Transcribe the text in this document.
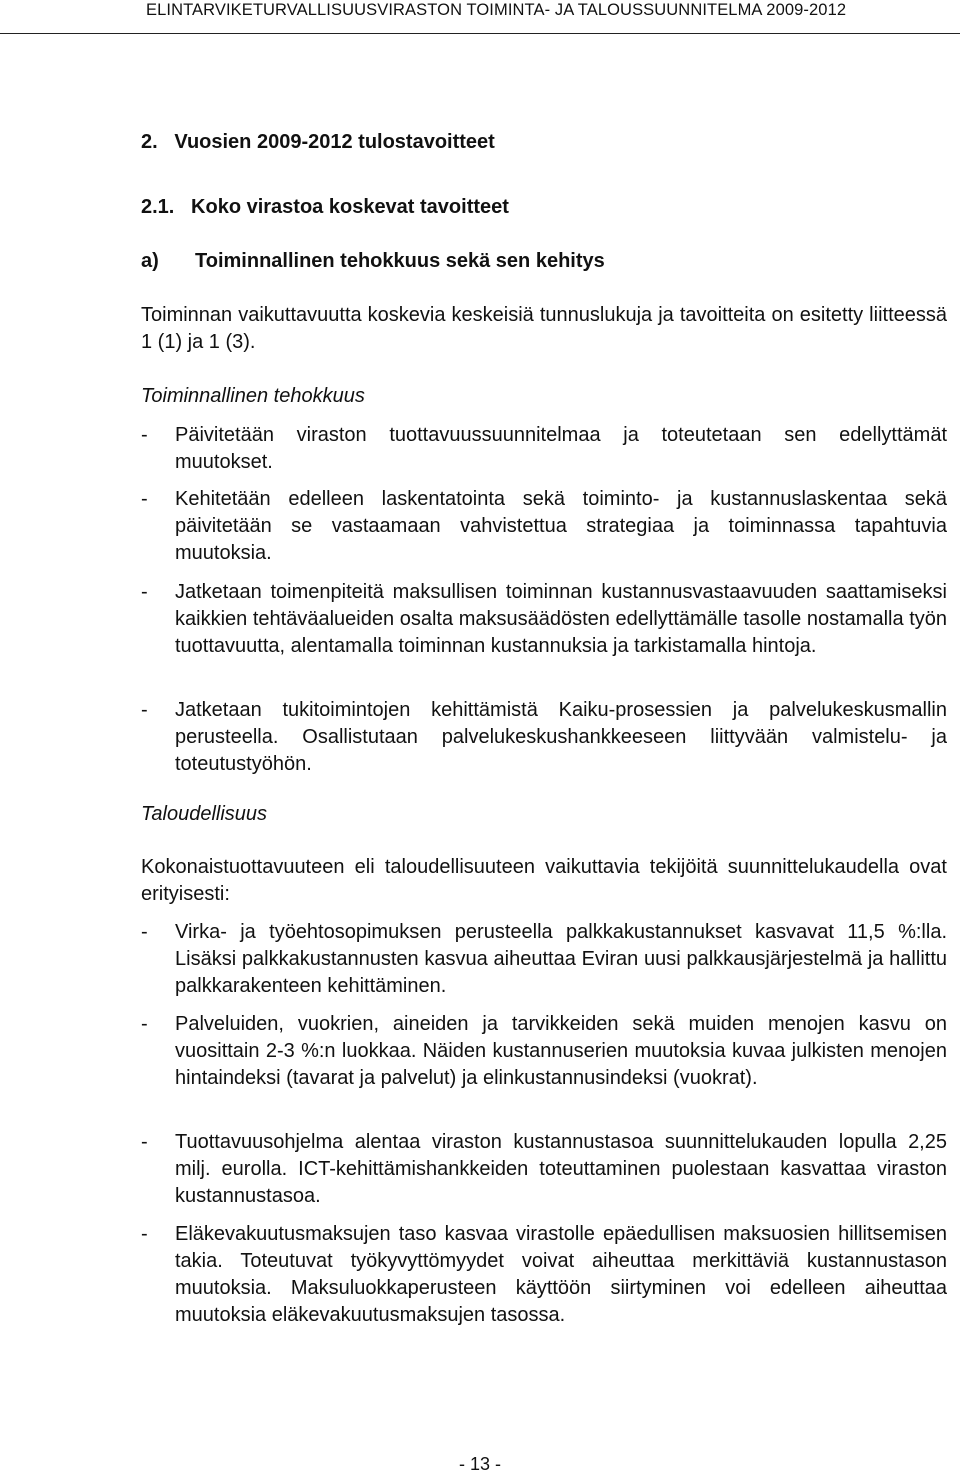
ELINTARVIKETURVALLISUUSVIRASTON TOIMINTA- JA TALOUSSUUNNITELMA 2009-2012
2.   Vuosien 2009-2012 tulostavoitteet
2.1.   Koko virastoa koskevat tavoitteet
a) Toiminnallinen tehokkuus sekä sen kehitys
Toiminnan vaikuttavuutta koskevia keskeisiä tunnuslukuja ja tavoitteita on esitetty liitteessä 1 (1) ja 1 (3).
Toiminnallinen tehokkuus
-	Päivitetään viraston tuottavuussuunnitelmaa ja toteutetaan sen edellyttämät muutokset.
-	Kehitetään edelleen laskentatointa sekä toiminto- ja kustannuslaskentaa sekä päivitetään se vastaamaan vahvistettua strategiaa ja toiminnassa tapahtuvia muutoksia.
-	Jatketaan toimenpiteitä maksullisen toiminnan kustannusvastaavuuden saattamiseksi kaikkien tehtäväalueiden osalta maksusäädösten edellyttämälle tasolle nostamalla työn tuottavuutta, alentamalla toiminnan kustannuksia ja tarkistamalla hintoja.
-	Jatketaan tukitoimintojen kehittämistä Kaiku-prosessien ja palvelukeskusmallin perusteella. Osallistutaan palvelukeskushankkeeseen liittyvään valmistelu- ja toteutustyöhön.
Taloudellisuus
Kokonaistuottavuuteen eli taloudellisuuteen vaikuttavia tekijöitä suunnittelukaudella ovat erityisesti:
-	Virka- ja työehtosopimuksen perusteella palkkakustannukset kasvavat 11,5 %:lla. Lisäksi palkkakustannusten kasvua aiheuttaa Eviran uusi palkkausjärjestelmä ja hallittu palkkarakenteen kehittäminen.
-	Palveluiden, vuokrien, aineiden ja tarvikkeiden sekä muiden menojen kasvu on vuosittain 2-3 %:n luokkaa. Näiden kustannuserien muutoksia kuvaa julkisten menojen hintaindeksi (tavarat ja palvelut) ja elinkustannusindeksi (vuokrat).
-	Tuottavuusohjelma alentaa viraston kustannustasoa suunnittelukauden lopulla 2,25 milj. eurolla. ICT-kehittämishankkeiden toteuttaminen puolestaan kasvattaa viraston kustannustasoa.
-	Eläkevakuutusmaksujen taso kasvaa virastolle epäedullisen maksuosien hillitsemisen takia. Toteutuvat työkyvyttömyydet voivat aiheuttaa merkittäviä kustannustason muutoksia. Maksuluokkaperusteen käyttöön siirtyminen voi edelleen aiheuttaa muutoksia eläkevakuutusmaksujen tasossa.
- 13 -
